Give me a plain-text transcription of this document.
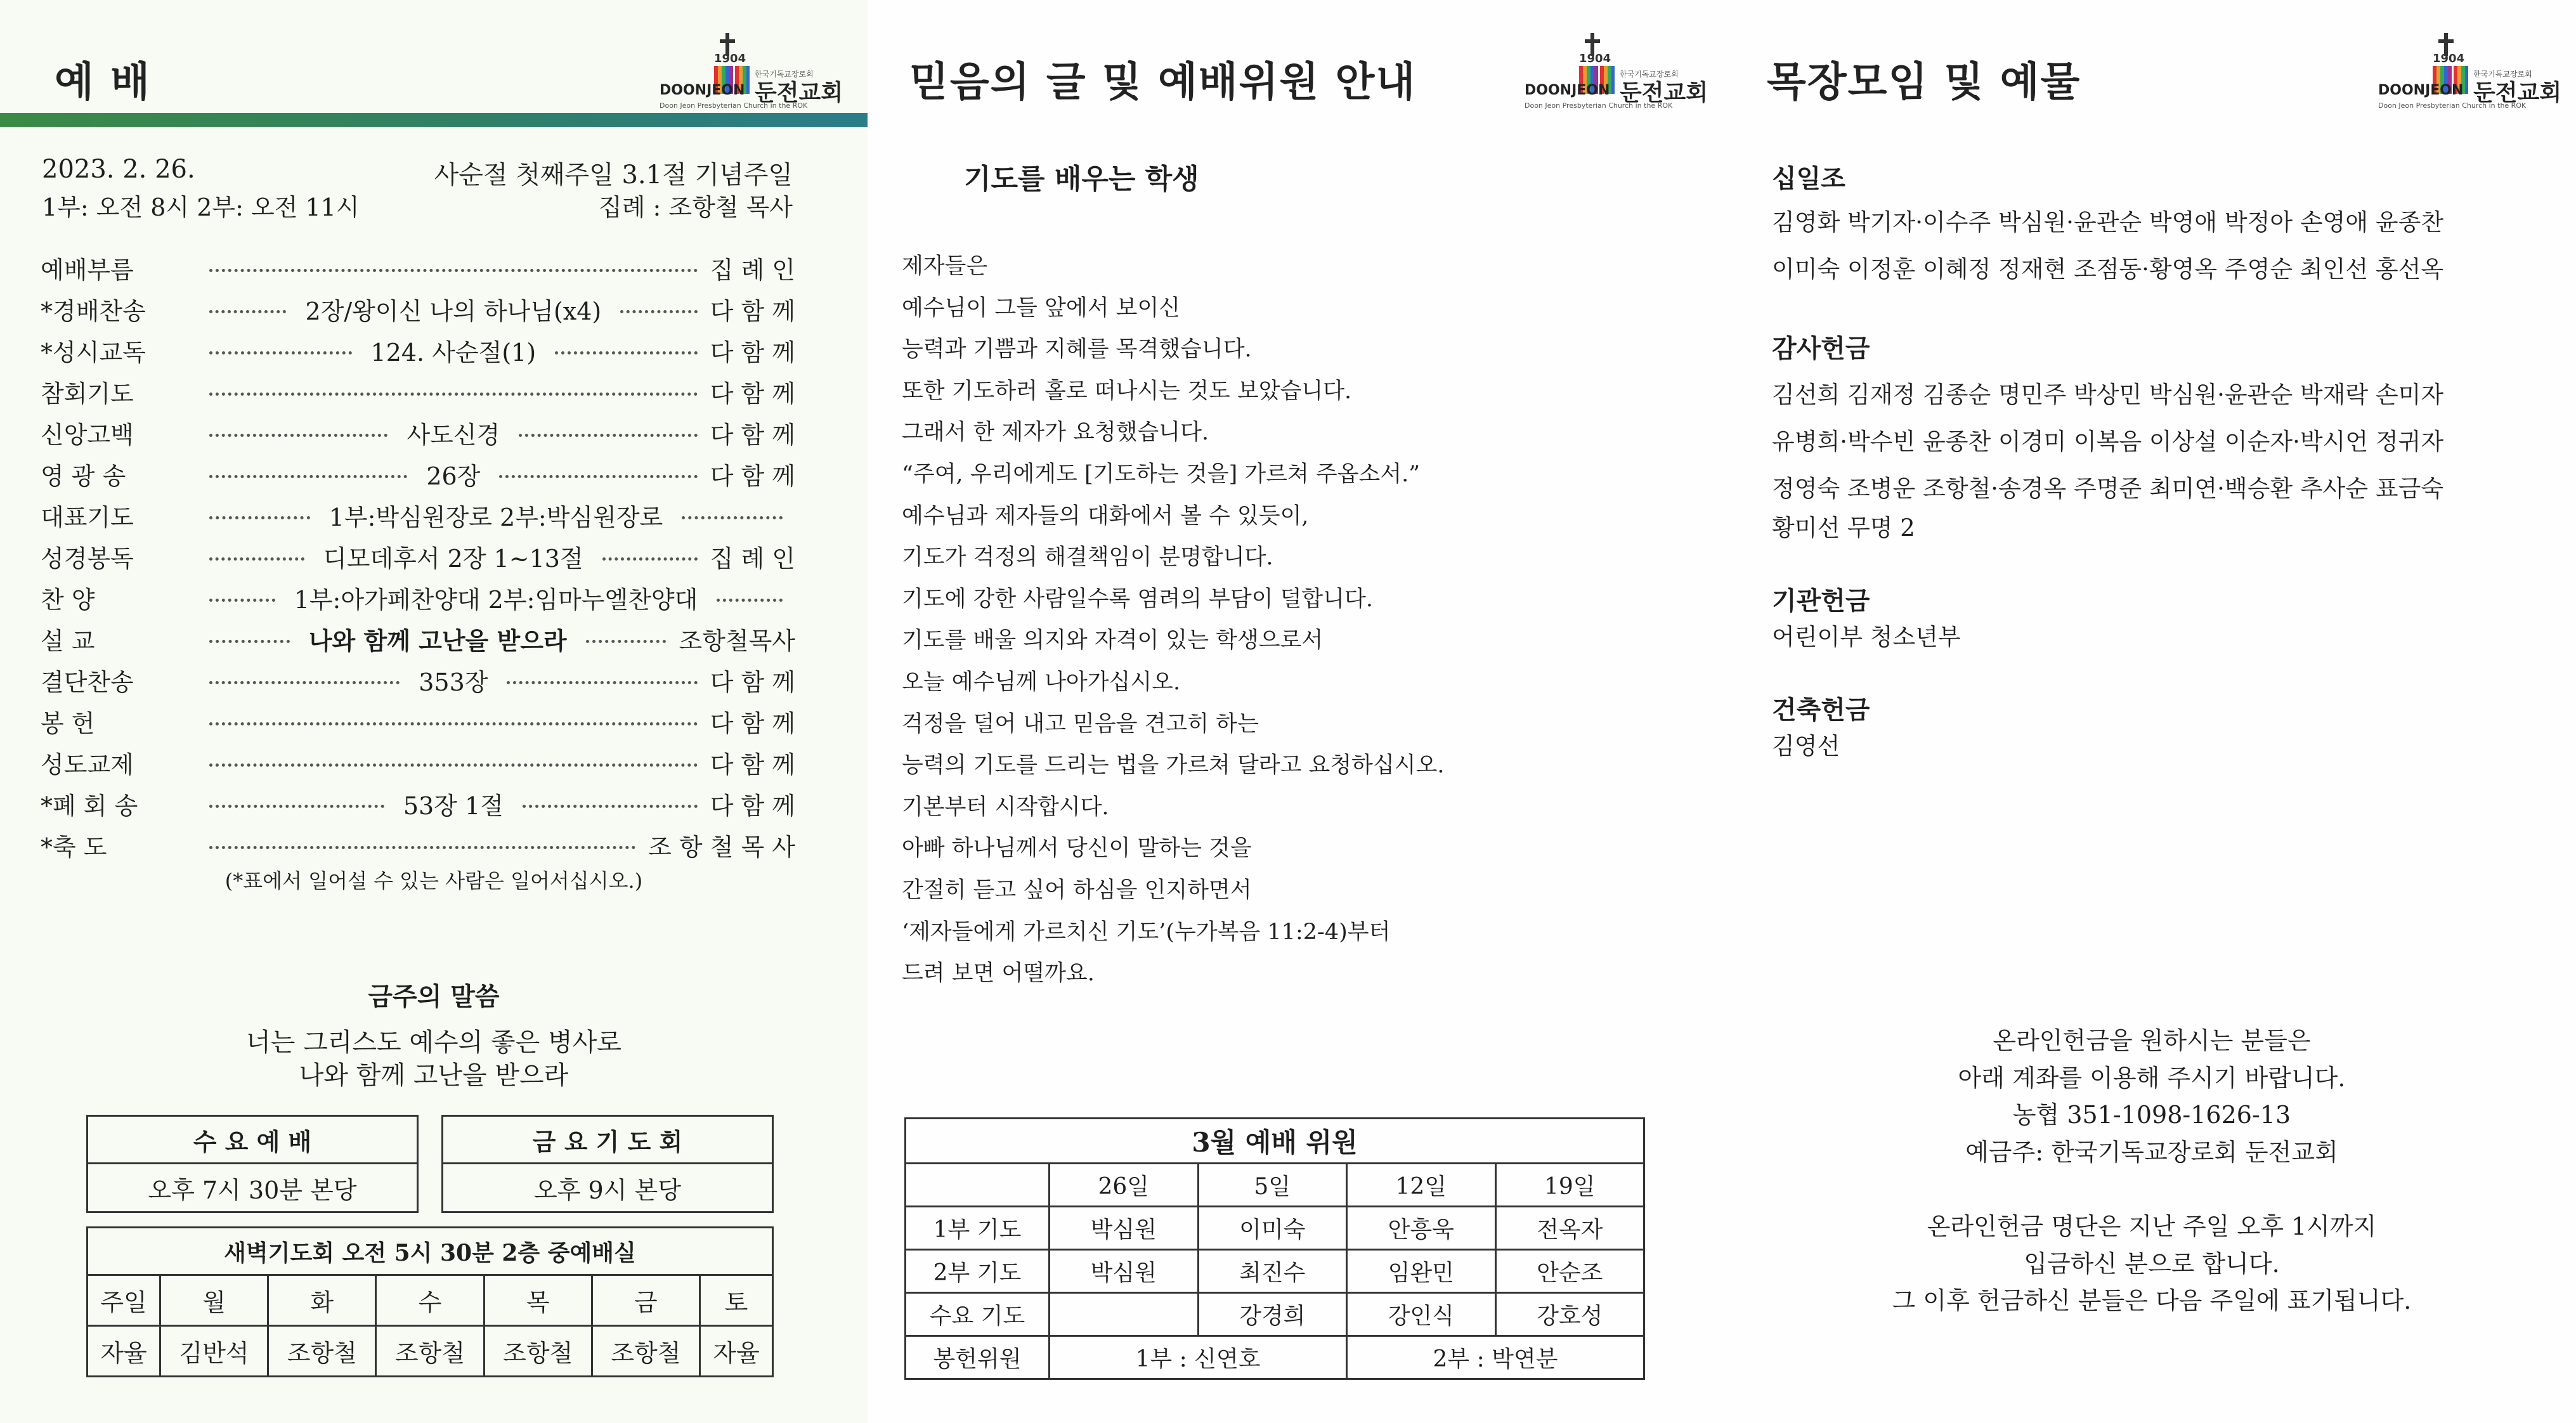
예 배
1904
한국기독교장로회
DOONJEON 둔전교회
Doon Jeon Presbyterian Church in the ROK
2023. 2. 26.	사순절 첫째주일 3.1절 기념주일
1부: 오전 8시 2부: 오전 11시	집례 : 조항철 목사
예배부름	집 례 인
*경배찬송	2장/왕이신 나의 하나님(x4)	다 함 께
*성시교독	124. 사순절(1)	다 함 께
참회기도	다 함 께
신앙고백	사도신경	다 함 께
영 광 송	26장	다 함 께
대표기도	1부:박심원장로 2부:박심원장로
성경봉독	디모데후서 2장 1~13절	집 례 인
찬 양	1부:아가페찬양대 2부:임마누엘찬양대
설 교	나와 함께 고난을 받으라	조항철목사
결단찬송	353장	다 함 께
봉 헌	다 함 께
성도교제	다 함 께
*폐 회 송	53장 1절	다 함 께
*축 도	조 항 철 목 사
(*표에서 일어설 수 있는 사람은 일어서십시오.)
금주의 말씀
너는 그리스도 예수의 좋은 병사로
나와 함께 고난을 받으라
수 요 예 배
오후 7시 30분 본당
금 요 기 도 회
오후 9시 본당
새벽기도회 오전 5시 30분 2층 중예배실						
주일	월	화	수	목	금	토
자율	김반석	조항철	조항철	조항철	조항철	자율
믿음의 글 및 예배위원 안내
1904
한국기독교장로회
DOONJEON 둔전교회
Doon Jeon Presbyterian Church in the ROK
기도를 배우는 학생
제자들은
예수님이 그들 앞에서 보이신
능력과 기쁨과 지혜를 목격했습니다.
또한 기도하러 홀로 떠나시는 것도 보았습니다.
그래서 한 제자가 요청했습니다.
“주여, 우리에게도 [기도하는 것을] 가르쳐 주옵소서.”
예수님과 제자들의 대화에서 볼 수 있듯이,
기도가 걱정의 해결책임이 분명합니다.
기도에 강한 사람일수록 염려의 부담이 덜합니다.
기도를 배울 의지와 자격이 있는 학생으로서
오늘 예수님께 나아가십시오.
걱정을 덜어 내고 믿음을 견고히 하는
능력의 기도를 드리는 법을 가르쳐 달라고 요청하십시오.
기본부터 시작합시다.
아빠 하나님께서 당신이 말하는 것을
간절히 듣고 싶어 하심을 인지하면서
‘제자들에게 가르치신 기도’(누가복음 11:2-4)부터
드려 보면 어떨까요.
3월 예배 위원				
	26일	5일	12일	19일
1부 기도	박심원	이미숙	안흥욱	전옥자
2부 기도	박심원	최진수	임완민	안순조
수요 기도		강경희	강인식	강호성
봉헌위원	1부 : 신연호		2부 : 박연분	
목장모임 및 예물
1904
한국기독교장로회
DOONJEON 둔전교회
Doon Jeon Presbyterian Church in the ROK
십일조
김영화 박기자·이수주 박심원·윤관순 박영애 박정아 손영애 윤종찬
이미숙 이정훈 이혜정 정재현 조점동·황영옥 주영순 최인선 홍선옥
감사헌금
김선희 김재정 김종순 명민주 박상민 박심원·윤관순 박재락 손미자
유병희·박수빈 윤종찬 이경미 이복음 이상설 이순자·박시언 정귀자
정영숙 조병운 조항철·송경옥 주명준 최미연·백승환 추사순 표금숙
황미선 무명 2
기관헌금
어린이부 청소년부
건축헌금
김영선
온라인헌금을 원하시는 분들은
아래 계좌를 이용해 주시기 바랍니다.
농협 351-1098-1626-13
예금주: 한국기독교장로회 둔전교회
온라인헌금 명단은 지난 주일 오후 1시까지
입금하신 분으로 합니다.
그 이후 헌금하신 분들은 다음 주일에 표기됩니다.
